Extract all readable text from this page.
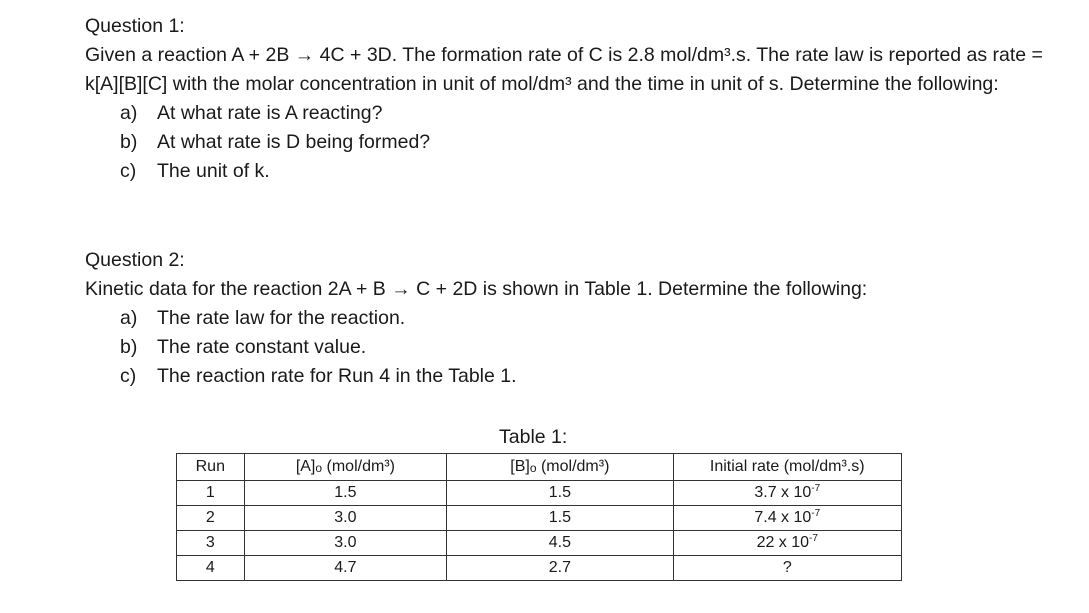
Question 1:

Given a reaction A + 2B → 4C + 3D. The formation rate of C is 2.8 mol/dm³.s. The rate law is reported as rate = k[A][B][C] with the molar concentration in unit of mol/dm³ and the time in unit of s. Determine the following:

a)	At what rate is A reacting?
b)	At what rate is D being formed?
c)	The unit of k.

Question 2:

Kinetic data for the reaction 2A + B → C + 2D is shown in Table 1. Determine the following:

a)	The rate law for the reaction.
b)	The rate constant value.
c)	The reaction rate for Run 4 in the Table 1.
Table 1:
Run	$[A]_o$ (mol/dm³)	$[B]_o$ (mol/dm³)	Initial rate (mol/dm³.s)
1	1.5	1.5	3.7 x $10^{-7}$
2	3.0	1.5	7.4 x $10^{-7}$
3	3.0	4.5	22 x $10^{-7}$
4	4.7	2.7	?
